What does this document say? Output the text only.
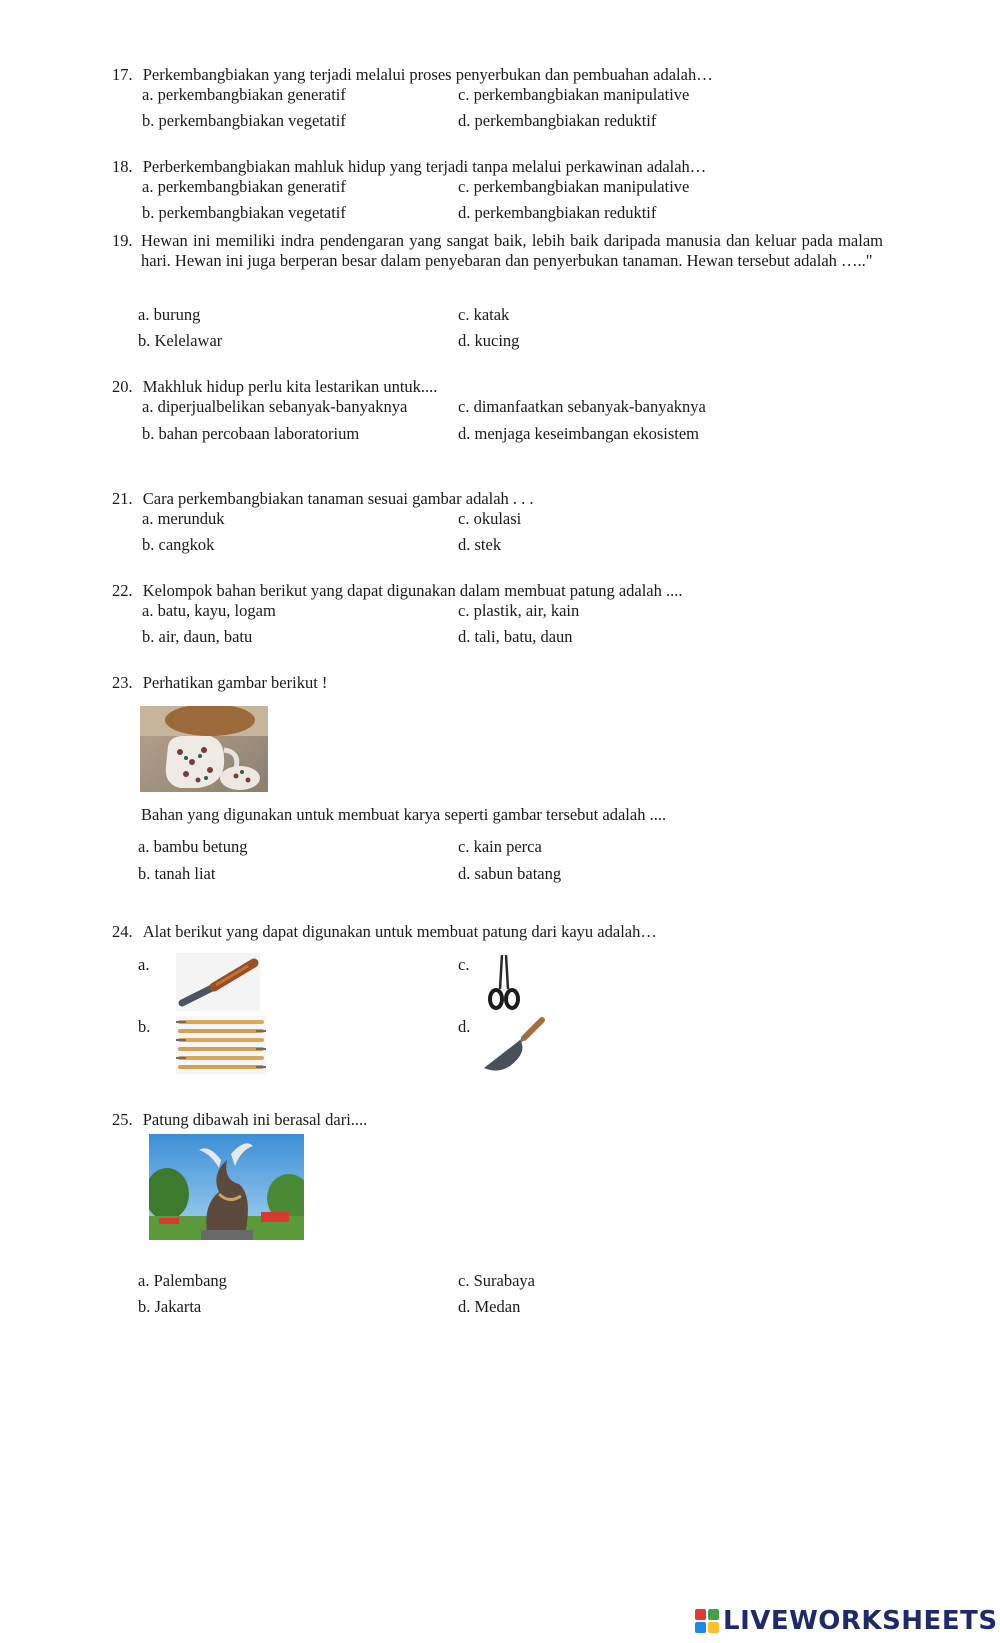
17. Perkembangbiakan yang terjadi melalui proses penyerbukan dan pembuahan adalah…
a. perkembangbiakan generatif	c. perkembangbiakan manipulative
b. perkembangbiakan vegetatif	d. perkembangbiakan reduktif
18. Perberkembangbiakan mahluk hidup yang terjadi tanpa melalui perkawinan adalah…
a. perkembangbiakan generatif	c. perkembangbiakan manipulative
b. perkembangbiakan vegetatif	d. perkembangbiakan reduktif
19. Hewan ini memiliki indra pendengaran yang sangat baik, lebih baik daripada manusia dan keluar pada malam hari. Hewan ini juga berperan besar dalam penyebaran dan penyerbukan tanaman. Hewan tersebut adalah ….."
a. burung	c. katak
b. Kelelawar	d. kucing
20. Makhluk hidup perlu kita lestarikan untuk....
a. diperjualbelikan sebanyak-banyaknya	c. dimanfaatkan sebanyak-banyaknya
b. bahan percobaan laboratorium	d. menjaga keseimbangan ekosistem
21. Cara perkembangbiakan tanaman sesuai gambar adalah . . .
a. merunduk	c. okulasi
b. cangkok	d. stek
22. Kelompok bahan berikut yang dapat digunakan dalam membuat patung adalah ....
a. batu, kayu, logam	c. plastik, air, kain
b. air, daun, batu	d. tali, batu, daun
23. Perhatikan gambar berikut !
Bahan yang digunakan untuk membuat karya seperti gambar tersebut adalah ....
a. bambu betung	c. kain perca
b. tanah liat	d. sabun batang
24. Alat berikut yang dapat digunakan untuk membuat patung dari kayu adalah…
a.	c.
b.	d.
25. Patung dibawah ini berasal dari....
a. Palembang	c. Surabaya
b. Jakarta	d. Medan
LIVEWORKSHEETS
